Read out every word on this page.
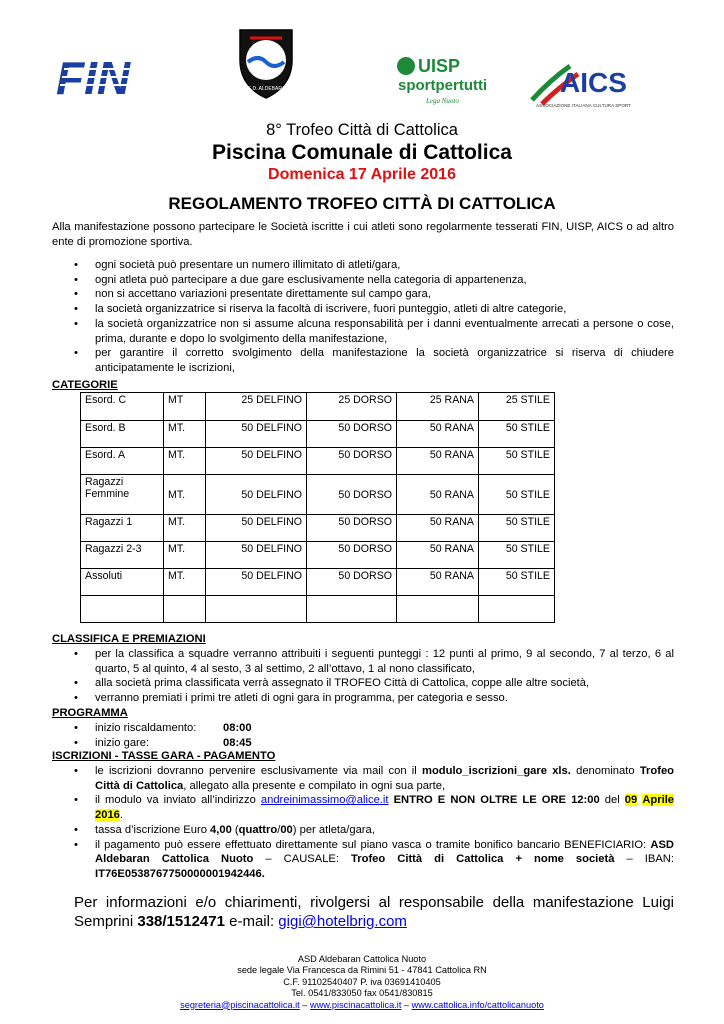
FIN	A.S.D. ALDEBARAN
UISP
sportpertutti
Lega Nuoto
AICS
ASSOCIAZIONE ITALIANA CULTURA SPORT
8° Trofeo Città di Cattolica
Piscina Comunale di Cattolica
Domenica 17 Aprile 2016
REGOLAMENTO TROFEO CITTÀ DI CATTOLICA
Alla manifestazione possono partecipare le Società iscritte i cui atleti sono regolarmente tesserati FIN, UISP, AICS o ad altro ente di promozione sportiva.
• ogni società può presentare un numero illimitato di atleti/gara,
• ogni atleta può partecipare a due gare esclusivamente nella categoria di appartenenza,
• non si accettano variazioni presentate direttamente sul campo gara,
• la società organizzatrice si riserva la facoltà di iscrivere, fuori punteggio, atleti di altre categorie,
• la società organizzatrice non si assume alcuna responsabilità per i danni eventualmente arrecati a persone o cose, prima, durante e dopo lo svolgimento della manifestazione,
• per garantire il corretto svolgimento della manifestazione la società organizzatrice si riserva di chiudere anticipatamente le iscrizioni,
CATEGORIE
Esord. C	MT	25 DELFINO	25 DORSO	25 RANA	25 STILE
Esord. B	MT.	50 DELFINO	50 DORSO	50 RANA	50 STILE
Esord. A	MT.	50 DELFINO	50 DORSO	50 RANA	50 STILE
Ragazzi Femmine	MT.	50 DELFINO	50 DORSO	50 RANA	50 STILE
Ragazzi 1	MT.	50 DELFINO	50 DORSO	50 RANA	50 STILE
Ragazzi 2-3	MT.	50 DELFINO	50 DORSO	50 RANA	50 STILE
Assoluti	MT.	50 DELFINO	50 DORSO	50 RANA	50 STILE

CLASSIFICA E PREMIAZIONI
• per la classifica a squadre verranno attribuiti i seguenti punteggi : 12 punti al primo, 9 al secondo, 7 al terzo, 6 al quarto, 5 al quinto, 4 al sesto, 3 al settimo, 2 all’ottavo, 1 al nono classificato,
• alla società prima classificata verrà assegnato il TROFEO Città di Cattolica, coppe alle altre società,
• verranno premiati i primi tre atleti di ogni gara in programma, per categoria e sesso.
PROGRAMMA
• inizio riscaldamento: 08:00
• inizio gare:	08:45
ISCRIZIONI - TASSE GARA - PAGAMENTO
• le iscrizioni dovranno pervenire esclusivamente via mail con il modulo_iscrizioni_gare xls. denominato Trofeo Città di Cattolica, allegato alla presente e compilato in ogni sua parte,
• il modulo va inviato all’indirizzo andreinimassimo@alice.it ENTRO E NON OLTRE LE ORE 12:00 del 09 Aprile 2016.
• tassa d’iscrizione Euro 4,00 (quattro/00) per atleta/gara,
• il pagamento può essere effettuato direttamente sul piano vasca o tramite bonifico bancario BENEFICIARIO: ASD Aldebaran Cattolica Nuoto – CAUSALE: Trofeo Città di Cattolica + nome società – IBAN: IT76E0538767750000001942446.
Per informazioni e/o chiarimenti, rivolgersi al responsabile della manifestazione Luigi Semprini 338/1512471 e-mail: gigi@hotelbrig.com
ASD Aldebaran Cattolica Nuoto
sede legale Via Francesca da Rimini 51 - 47841 Cattolica RN
C.F. 91102540407 P. iva 03691410405
Tel. 0541/833050 fax 0541/830815
segreteria@piscinacattolica.it – www.piscinacattolica.it – www.cattolica.info/cattolicanuoto
